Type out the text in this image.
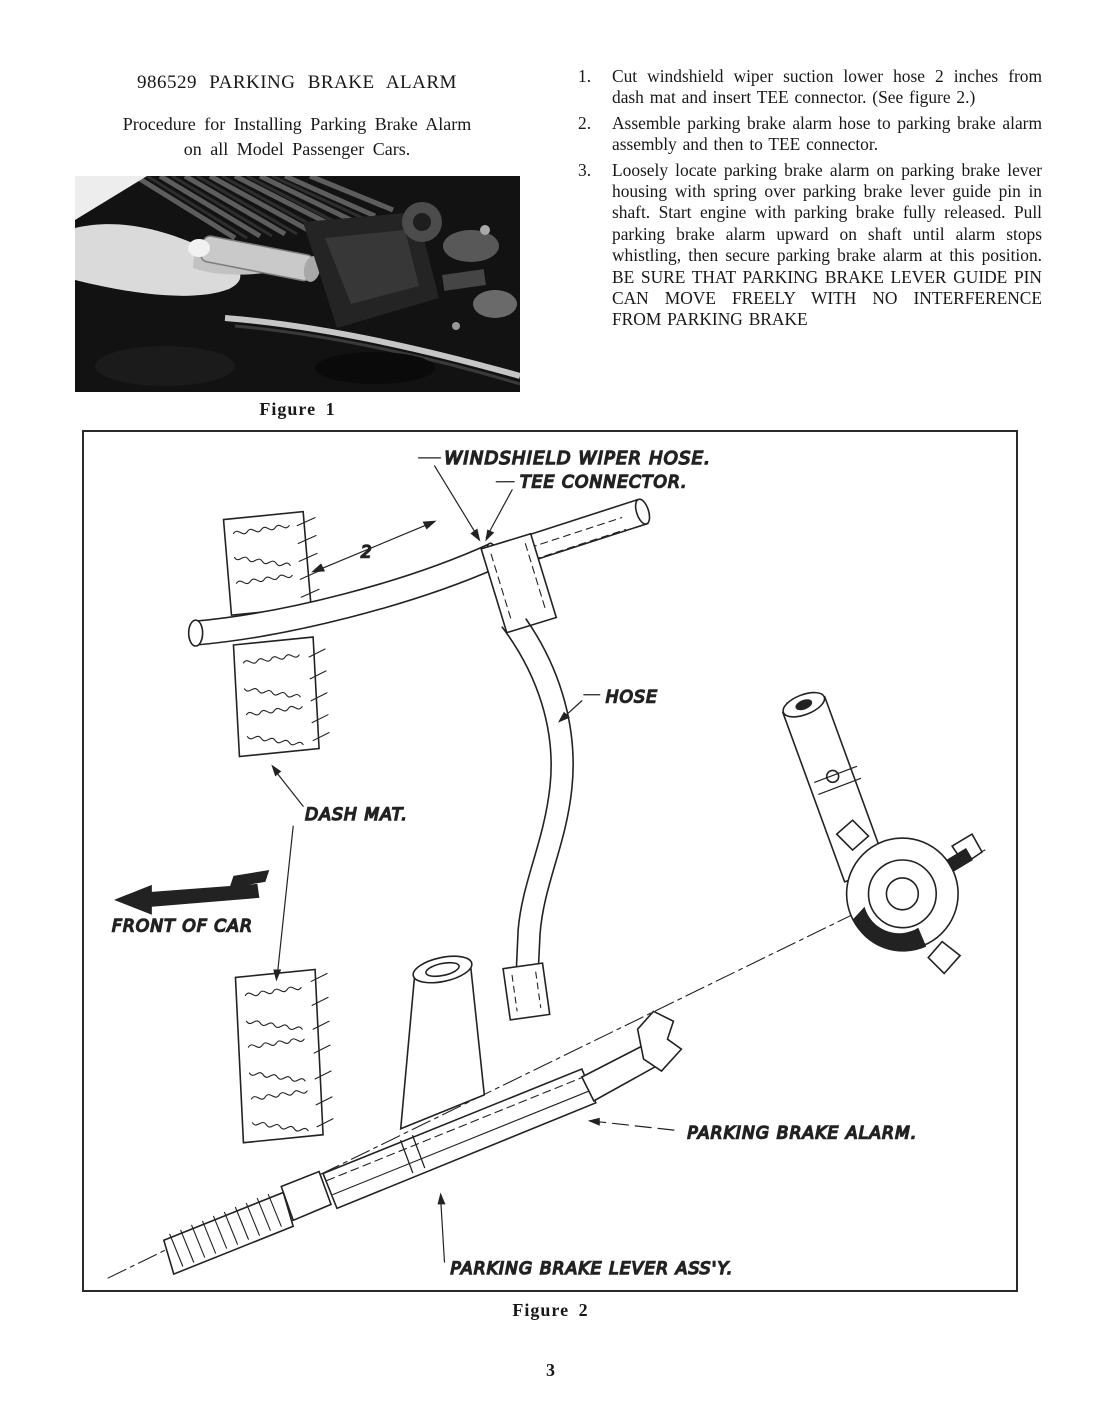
986529 PARKING BRAKE ALARM
Procedure for Installing Parking Brake Alarm
on all Model Passenger Cars.
Figure 1
1.	Cut windshield wiper suction lower hose 2 inches from dash mat and insert TEE connector. (See figure 2.)
2.	Assemble parking brake alarm hose to parking brake alarm assembly and then to TEE connector.
3.	Loosely locate parking brake alarm on parking brake lever housing with spring over parking brake lever guide pin in shaft. Start engine with parking brake fully released. Pull parking brake alarm upward on shaft until alarm stops whistling, then secure parking brake alarm at this position. BE SURE THAT PARKING BRAKE LEVER GUIDE PIN CAN MOVE FREELY WITH NO INTERFERENCE FROM PARKING BRAKE
WINDSHIELD WIPER HOSE.
TEE CONNECTOR.
2
HOSE
DASH MAT.
FRONT OF CAR
PARKING BRAKE ALARM.
PARKING BRAKE LEVER ASS'Y.
Figure 2
3
